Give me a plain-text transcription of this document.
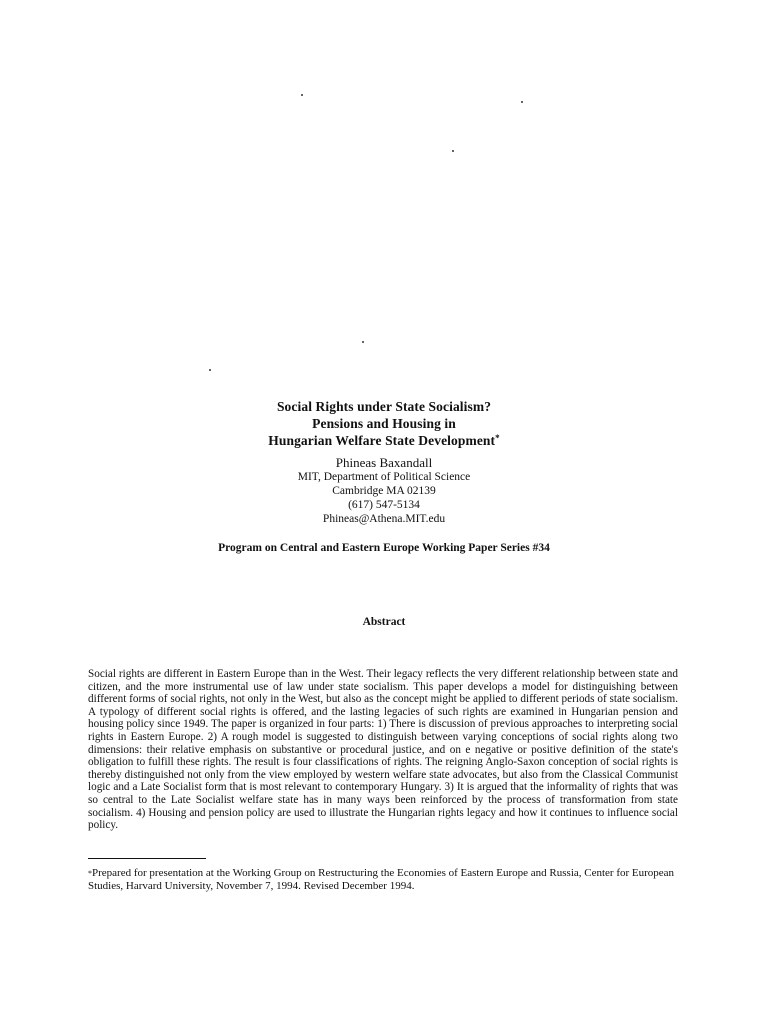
Social Rights under State Socialism?
Pensions and Housing in
Hungarian Welfare State Development*
Phineas Baxandall
MIT, Department of Political Science
Cambridge MA 02139
(617) 547-5134
Phineas@Athena.MIT.edu
Program on Central and Eastern Europe Working Paper Series #34
Abstract
Social rights are different in Eastern Europe than in the West. Their legacy reflects the very different relationship between state and citizen, and the more instrumental use of law under state socialism. This paper develops a model for distinguishing between different forms of social rights, not only in the West, but also as the concept might be applied to different periods of state socialism. A typology of different social rights is offered, and the lasting legacies of such rights are examined in Hungarian pension and housing policy since 1949. The paper is organized in four parts: 1) There is discussion of previous approaches to interpreting social rights in Eastern Europe. 2) A rough model is suggested to distinguish between varying conceptions of social rights along two dimensions: their relative emphasis on substantive or procedural justice, and on e negative or positive definition of the state's obligation to fulfill these rights. The result is four classifications of rights. The reigning Anglo-Saxon conception of social rights is thereby distinguished not only from the view employed by western welfare state advocates, but also from the Classical Communist logic and a Late Socialist form that is most relevant to contemporary Hungary. 3) It is argued that the informality of rights that was so central to the Late Socialist welfare state has in many ways been reinforced by the process of transformation from state socialism. 4) Housing and pension policy are used to illustrate the Hungarian rights legacy and how it continues to influence social policy.
*Prepared for presentation at the Working Group on Restructuring the Economies of Eastern Europe and Russia, Center for European Studies, Harvard University, November 7, 1994. Revised December 1994.
